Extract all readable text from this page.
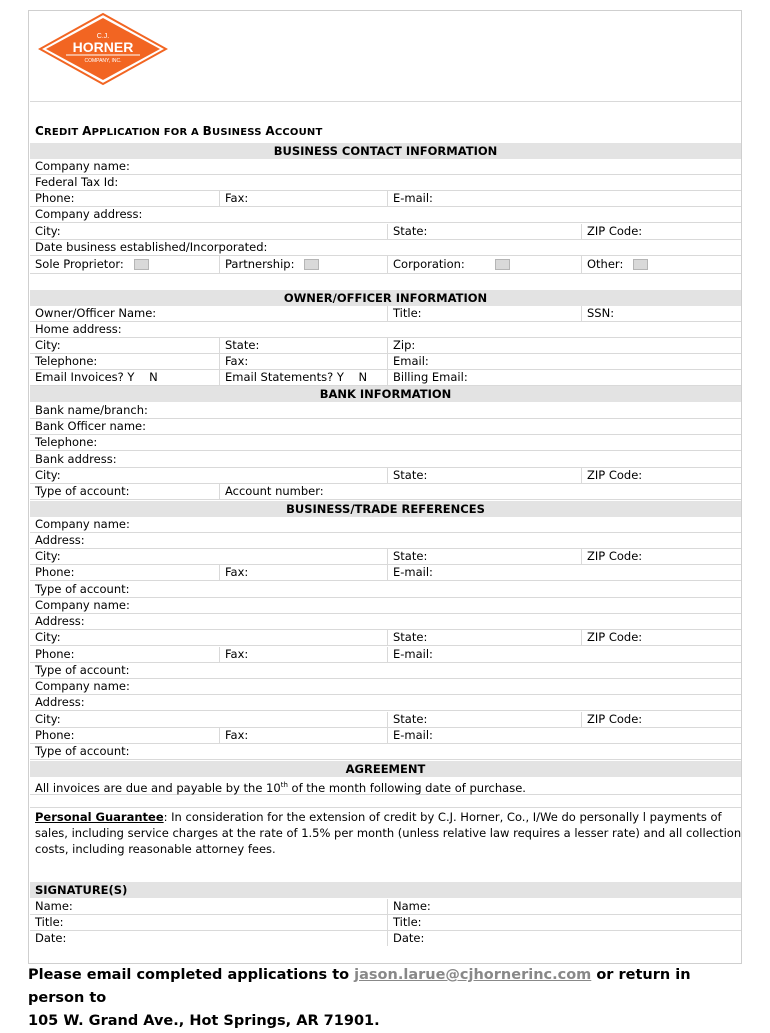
C.J.
HORNER
COMPANY, INC.
CREDIT APPLICATION FOR A BUSINESS ACCOUNT
BUSINESS CONTACT INFORMATION
Company name:
Federal Tax Id:
Phone:	Fax:	E-mail:
Company address:
City:	State:	ZIP Code:
Date business established/Incorporated:
Sole Proprietor:	Partnership:	Corporation:	Other:
OWNER/OFFICER INFORMATION
Owner/Officer Name:	Title:	SSN:
Home address:
City:	State:	Zip:
Telephone:	Fax:	Email:
Email Invoices? Y    N	Email Statements? Y    N	Billing Email:
BANK INFORMATION
Bank name/branch:
Bank Officer name:
Telephone:
Bank address:
City:	State:	ZIP Code:
Type of account:	Account number:
BUSINESS/TRADE REFERENCES
Company name:
Address:
City:	State:	ZIP Code:
Phone:	Fax:	E-mail:
Type of account:
Company name:
Address:
City:	State:	ZIP Code:
Phone:	Fax:	E-mail:
Type of account:
Company name:
Address:
City:	State:	ZIP Code:
Phone:	Fax:	E-mail:
Type of account:
AGREEMENT
All invoices are due and payable by the 10th of the month following date of purchase.
Personal Guarantee: In consideration for the extension of credit by C.J. Horner, Co., I/We do personally l payments of
sales, including service charges at the rate of 1.5% per month (unless relative law requires a lesser rate) and all collection
costs, including reasonable attorney fees.
SIGNATURE(S)
Name:	Name:
Title:	Title:
Date:	Date:
Please email completed applications to jason.larue@cjhornerinc.com or return in person to
105 W. Grand Ave., Hot Springs, AR 71901.
